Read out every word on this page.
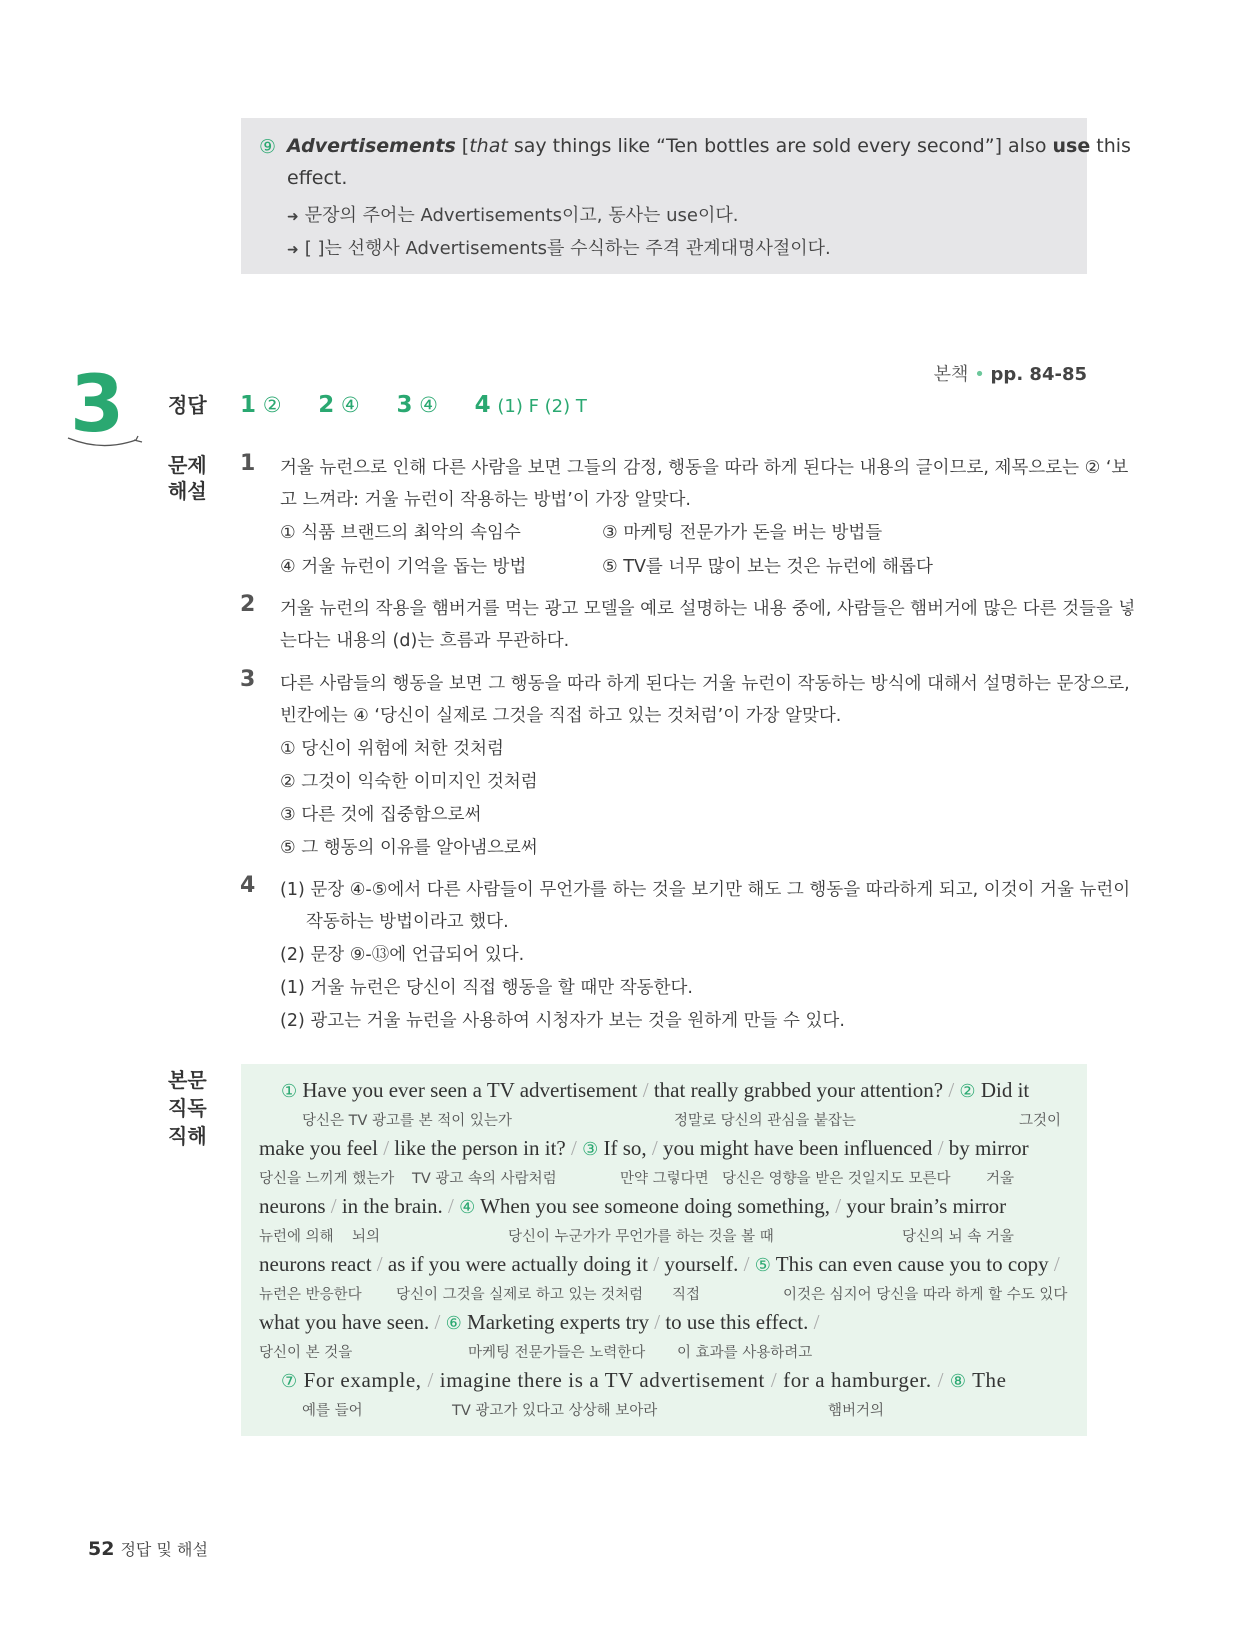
⑨ Advertisements [that say things like “Ten bottles are sold every second”] also use this
effect.
➜ 문장의 주어는 Advertisements이고, 동사는 use이다.
➜ [ ]는 선행사 Advertisements를 수식하는 주격 관계대명사절이다.
3	본책 • pp. 84-85
정답 1 ② 2 ④ 3 ④ 4 (1) F (2) T
문제
해설
1 거울 뉴런으로 인해 다른 사람을 보면 그들의 감정, 행동을 따라 하게 된다는 내용의 글이므로, 제목으로는 ② ‘보
고 느껴라: 거울 뉴런이 작용하는 방법’이 가장 알맞다.
① 식품 브랜드의 최악의 속임수	③ 마케팅 전문가가 돈을 버는 방법들
④ 거울 뉴런이 기억을 돕는 방법	⑤ TV를 너무 많이 보는 것은 뉴런에 해롭다
2 거울 뉴런의 작용을 햄버거를 먹는 광고 모델을 예로 설명하는 내용 중에, 사람들은 햄버거에 많은 다른 것들을 넣
는다는 내용의 (d)는 흐름과 무관하다.
3 다른 사람들의 행동을 보면 그 행동을 따라 하게 된다는 거울 뉴런이 작동하는 방식에 대해서 설명하는 문장으로,
빈칸에는 ④ ‘당신이 실제로 그것을 직접 하고 있는 것처럼’이 가장 알맞다.
① 당신이 위험에 처한 것처럼
② 그것이 익숙한 이미지인 것처럼
③ 다른 것에 집중함으로써
⑤ 그 행동의 이유를 알아냄으로써
4 (1) 문장 ④-⑤에서 다른 사람들이 무언가를 하는 것을 보기만 해도 그 행동을 따라하게 되고, 이것이 거울 뉴런이
작동하는 방법이라고 했다.
(2) 문장 ⑨-⑬에 언급되어 있다.
(1) 거울 뉴런은 당신이 직접 행동을 할 때만 작동한다.
(2) 광고는 거울 뉴런을 사용하여 시청자가 보는 것을 원하게 만들 수 있다.
본문
직독
직해
① Have you ever seen a TV advertisement / that really grabbed your attention? / ② Did it
당신은 TV 광고를 본 적이 있는가	정말로 당신의 관심을 붙잡는	그것이
make you feel / like the person in it? / ③ If so, / you might have been influenced / by mirror
당신을 느끼게 했는가 TV 광고 속의 사람처럼	만약 그렇다면 당신은 영향을 받은 것일지도 모른다 거울
neurons / in the brain. / ④ When you see someone doing something, / your brain’s mirror
뉴런에 의해 뇌의	당신이 누군가가 무언가를 하는 것을 볼 때	당신의 뇌 속 거울
neurons react / as if you were actually doing it / yourself. / ⑤ This can even cause you to copy /
뉴런은 반응한다 당신이 그것을 실제로 하고 있는 것처럼 직접	이것은 심지어 당신을 따라 하게 할 수도 있다
what you have seen. / ⑥ Marketing experts try / to use this effect. /
당신이 본 것을	마케팅 전문가들은 노력한다 이 효과를 사용하려고
⑦ For example, / imagine there is a TV advertisement / for a hamburger. / ⑧ The
예를 들어	TV 광고가 있다고 상상해 보아라	햄버거의
52 정답 및 해설
